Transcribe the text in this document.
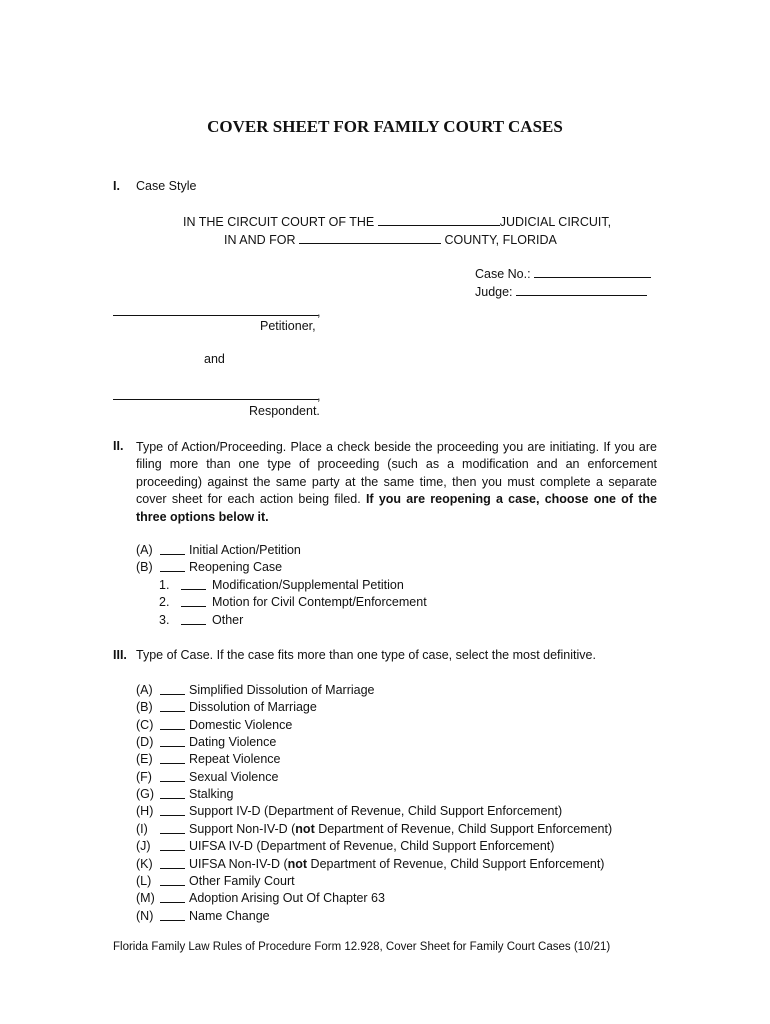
COVER SHEET FOR FAMILY COURT CASES
I. Case Style
IN THE CIRCUIT COURT OF THE	JUDICIAL CIRCUIT,
IN AND FOR	COUNTY, FLORIDA
Case No.:
Judge:
,
Petitioner,
and
,
Respondent.
II. Type of Action/Proceeding. Place a check beside the proceeding you are initiating. If you are filing more than one type of proceeding (such as a modification and an enforcement proceeding) against the same party at the same time, then you must complete a separate cover sheet for each action being filed. If you are reopening a case, choose one of the three options below it.
(A)	Initial Action/Petition
(B)	Reopening Case
1.	Modification/Supplemental Petition
2.	Motion for Civil Contempt/Enforcement
3.	Other
III. Type of Case. If the case fits more than one type of case, select the most definitive.
(A)	Simplified Dissolution of Marriage
(B)	Dissolution of Marriage
(C)	Domestic Violence
(D)	Dating Violence
(E)	Repeat Violence
(F)	Sexual Violence
(G)	Stalking
(H)	Support IV-D (Department of Revenue, Child Support Enforcement)
(I)	Support Non-IV-D (not Department of Revenue, Child Support Enforcement)
(J)	UIFSA IV-D (Department of Revenue, Child Support Enforcement)
(K)	UIFSA Non-IV-D (not Department of Revenue, Child Support Enforcement)
(L)	Other Family Court
(M)	Adoption Arising Out Of Chapter 63
(N)	Name Change
Florida Family Law Rules of Procedure Form 12.928, Cover Sheet for Family Court Cases (10/21)
